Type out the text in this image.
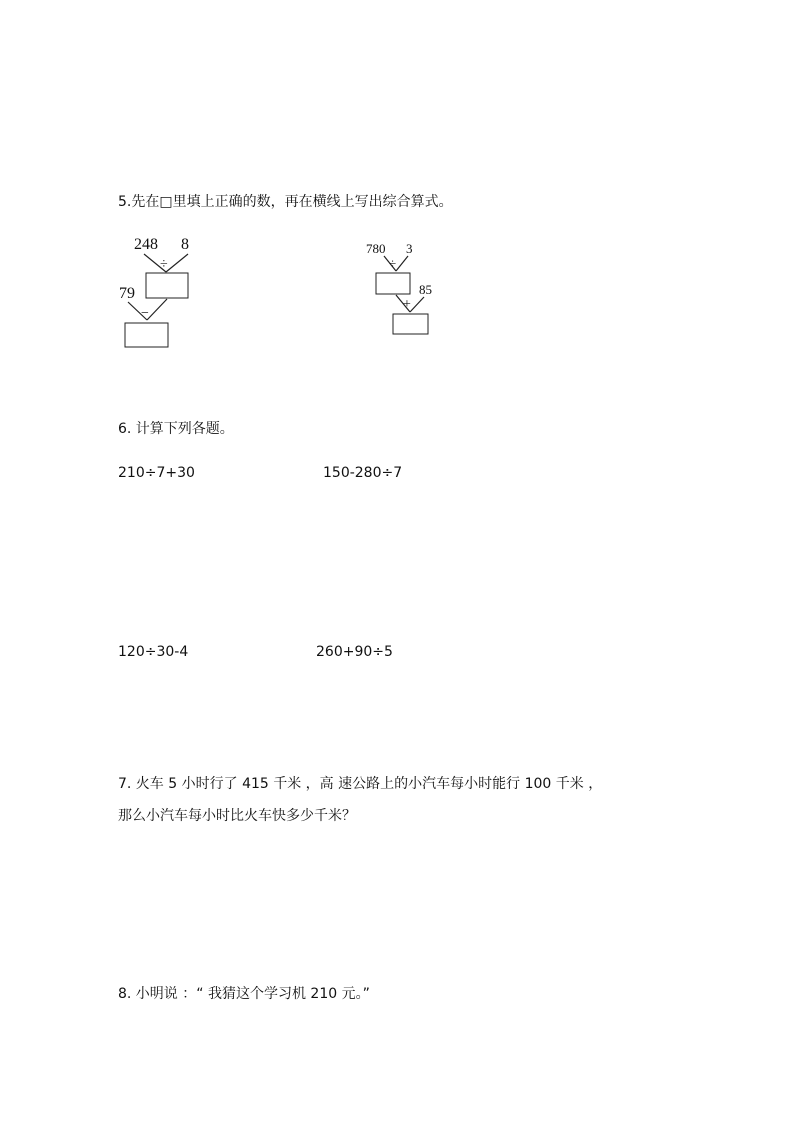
5.先在□里填上正确的数，再在横线上写出综合算式。
248 8
÷
79
−
780 3
÷
85
+
6. 计算下列各题。
210÷7+30	150-280÷7
120÷30-4	260+90÷5
7. 火车 5 小时行了 415 千米 ，高 速公路上的小汽车每小时能行 100 千米 ，
那么小汽车每小时比火车快多少千米？
8. 小明说 ：“ 我猜这个学习机 210 元。”
